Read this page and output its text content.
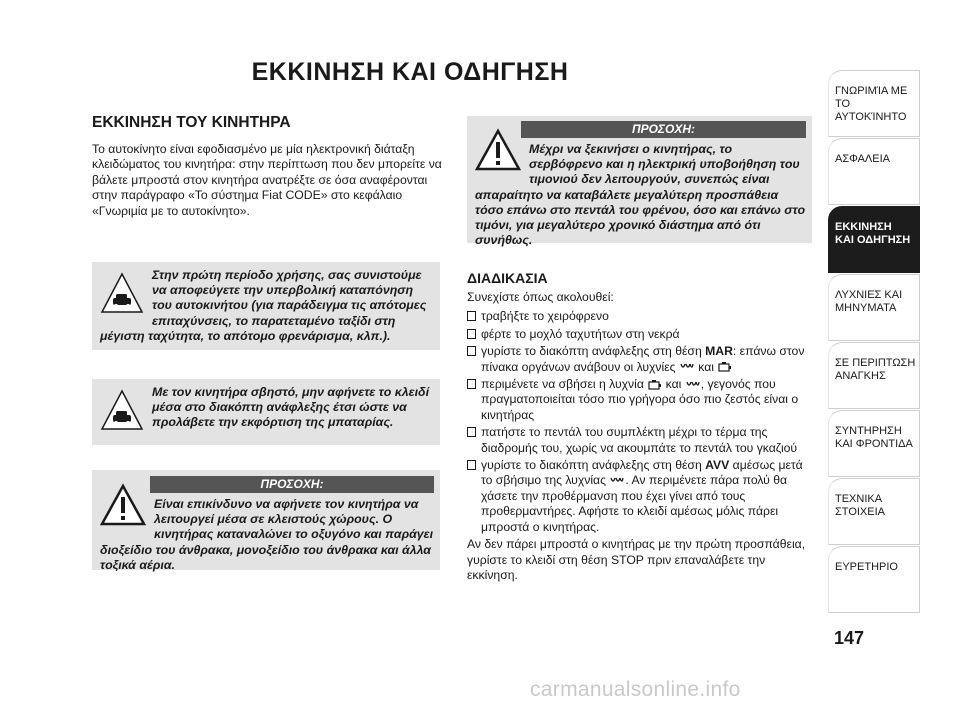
ΕΚΚΙΝΗΣΗ ΚΑΙ ΟΔΗΓΗΣΗ
ΕΚΚΙΝΗΣΗ ΤΟΥ ΚΙΝΗΤΗΡΑ
Το αυτοκίνητο είναι εφοδιασμένο με μία ηλεκτρονική διάταξη κλειδώματος του κινητήρα: στην περίπτωση που δεν μπορείτε να βάλετε μπροστά στον κινητήρα ανατρέξτε σε όσα αναφέρονται στην παράγραφο «Το σύστημα Fiat CODE» στο κεφάλαιο «Γνωριμία με το αυτοκίνητο».
Στην πρώτη περίοδο χρήσης, σας συνιστούμε να αποφεύγετε την υπερβολική καταπόνηση του αυτοκινήτου (για παράδειγμα τις απότομες επιταχύνσεις, το παρατεταμένο ταξίδι στη μέγιστη ταχύτητα, το απότομο φρενάρισμα, κλπ.).
Με τον κινητήρα σβηστό, μην αφήνετε το κλειδί μέσα στο διακόπτη ανάφλεξης έτσι ώστε να προλάβετε την εκφόρτιση της μπαταρίας.
ΠΡΟΣΟΧΗ:
Είναι επικίνδυνο να αφήνετε τον κινητήρα να λειτουργεί μέσα σε κλειστούς χώρους. Ο κινητήρας καταναλώνει το οξυγόνο και παράγει διοξείδιο του άνθρακα, μονοξείδιο του άνθρακα και άλλα τοξικά αέρια.
ΠΡΟΣΟΧΗ:
Μέχρι να ξεκινήσει ο κινητήρας, το σερβόφρενο και η ηλεκτρική υποβοήθηση του τιμονιού δεν λειτουργούν, συνεπώς είναι απαραίτητο να καταβάλετε μεγαλύτερη προσπάθεια τόσο επάνω στο πεντάλ του φρένου, όσο και επάνω στο τιμόνι, για μεγαλύτερο χρονικό διάστημα από ότι συνήθως.
ΔΙΑΔΙΚΑΣΙΑ
Συνεχίστε όπως ακολουθεί:
τραβήξτε το χειρόφρενο
φέρτε το μοχλό ταχυτήτων στη νεκρά
γυρίστε το διακόπτη ανάφλεξης στη θέση MAR: επάνω στον πίνακα οργάνων ανάβουν οι λυχνίες  και
περιμένετε να σβήσει η λυχνία  και , γεγονός που πραγματοποιείται τόσο πιο γρήγορα όσο πιο ζεστός είναι ο κινητήρας
πατήστε το πεντάλ του συμπλέκτη μέχρι το τέρμα της διαδρομής του, χωρίς να ακουμπάτε το πεντάλ του γκαζιού
γυρίστε το διακόπτη ανάφλεξης στη θέση AVV αμέσως μετά το σβήσιμο της λυχνίας . Αν περιμένετε πάρα πολύ θα χάσετε την προθέρμανση που έχει γίνει από τους προθερμαντήρες. Αφήστε το κλειδί αμέσως μόλις πάρει μπροστά ο κινητήρας.
Αν δεν πάρει μπροστά ο κινητήρας με την πρώτη προσπάθεια, γυρίστε το κλειδί στη θέση STOP πριν επαναλάβετε την εκκίνηση.
ΓΝΩΡΙΜΊΑ ΜΕ
ΤΟ ΑΥΤΟΚΊΝΗΤΟ
ΑΣΦΑΛΕΙΑ
ΕΚΚΙΝΗΣΗ
ΚΑΙ ΟΔΗΓΗΣΗ
ΛΥΧΝΙΕΣ ΚΑΙ
ΜΗΝΥΜΑΤΑ
ΣΕ ΠΕΡΙΠΤΩΣΗ
ΑΝΑΓΚΗΣ
ΣΥΝΤΗΡΗΣΗ
ΚΑΙ ΦΡΟΝΤΙΔΑ
ΤΕΧΝΙΚΑ
ΣΤΟΙΧΕΙΑ
ΕΥΡΕΤΗΡΙΟ
147
carmanualsonline.info
